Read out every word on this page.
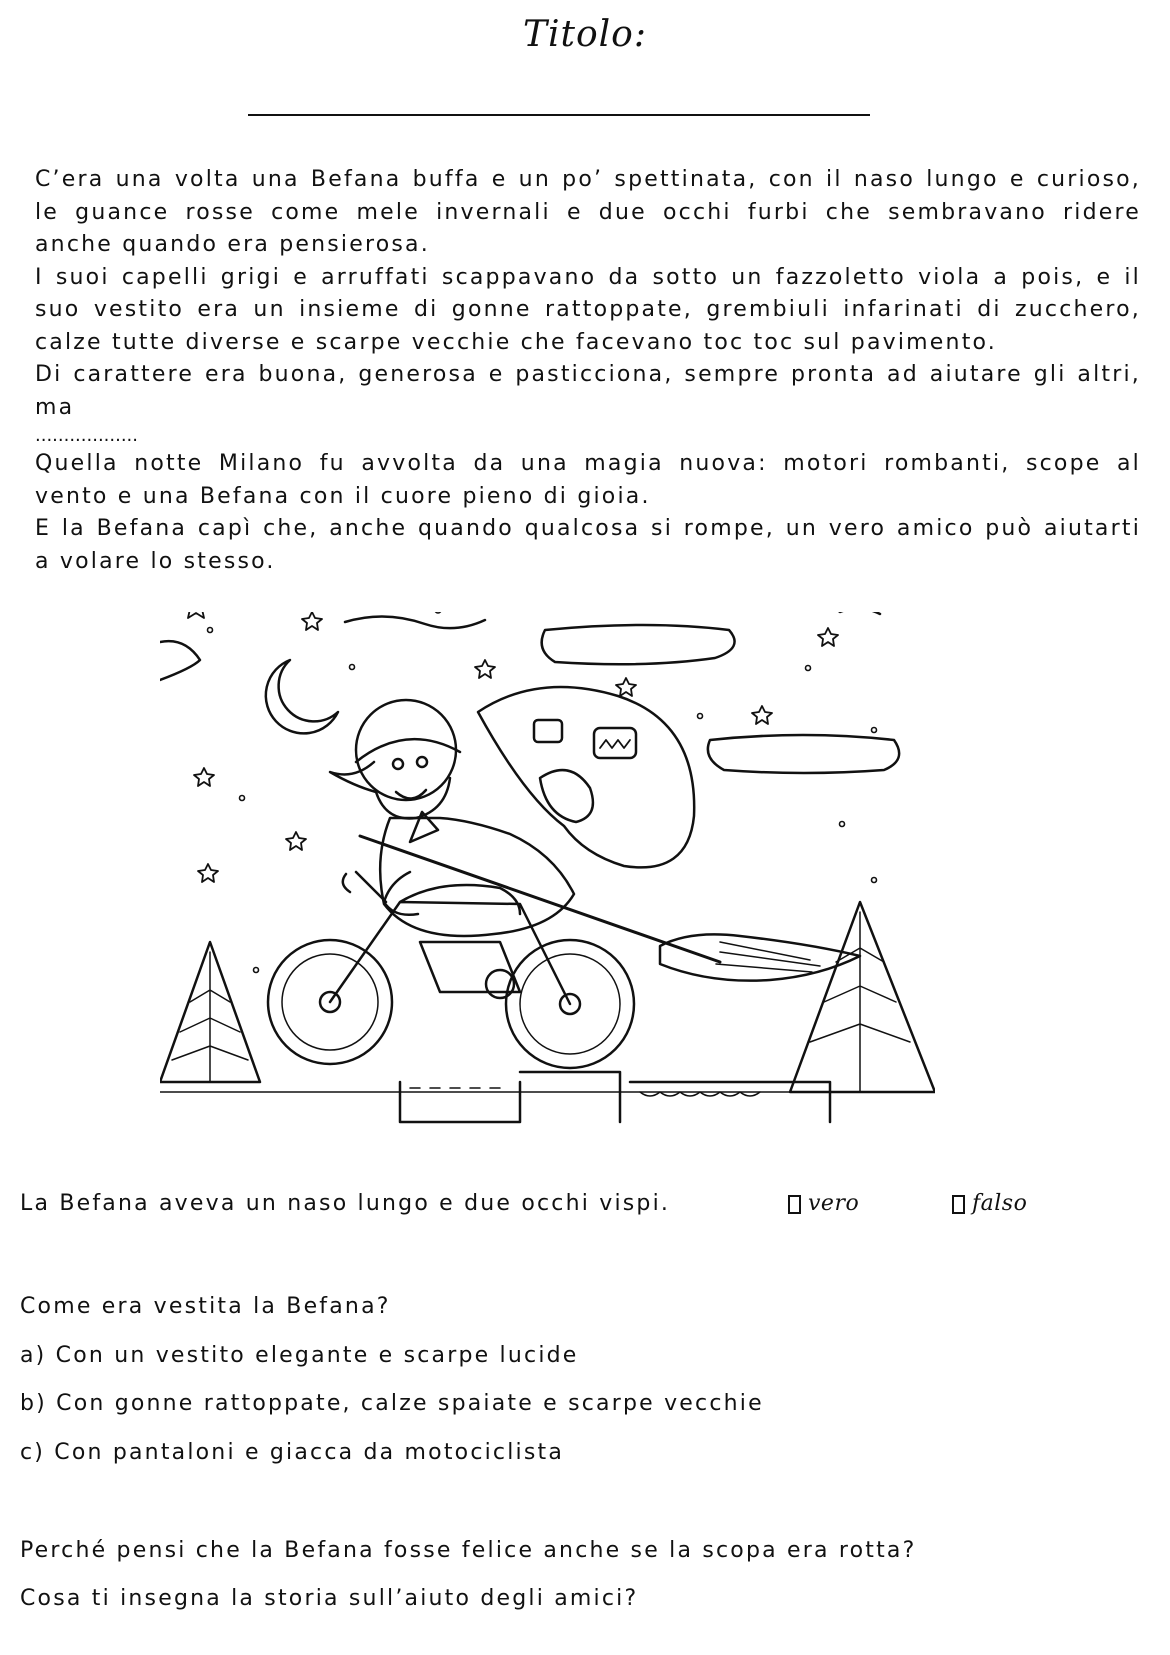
Titolo:

C’era una volta una Befana buffa e un po’ spettinata, con il naso lungo e curioso, le guance rosse come mele invernali e due occhi furbi che sembravano ridere anche quando era pensierosa.

I suoi capelli grigi e arruffati scappavano da sotto un fazzoletto viola a pois, e il suo vestito era un insieme di gonne rattoppate, grembiuli infarinati di zucchero, calze tutte diverse e scarpe vecchie che facevano toc toc sul pavimento.

Di carattere era buona, generosa e pasticciona, sempre pronta ad aiutare gli altri, ma

..................

Quella notte Milano fu avvolta da una magia nuova: motori rombanti, scope al vento e una Befana con il cuore pieno di gioia.

E la Befana capì che, anche quando qualcosa si rompe, un vero amico può aiutarti a volare lo stesso.

La Befana aveva un naso lungo e due occhi vispi.	vero	falso
Come era vestita la Befana?
a) Con un vestito elegante e scarpe lucide
b) Con gonne rattoppate, calze spaiate e scarpe vecchie
c) Con pantaloni e giacca da motociclista
Perché pensi che la Befana fosse felice anche se la scopa era rotta?
Cosa ti insegna la storia sull’aiuto degli amici?
